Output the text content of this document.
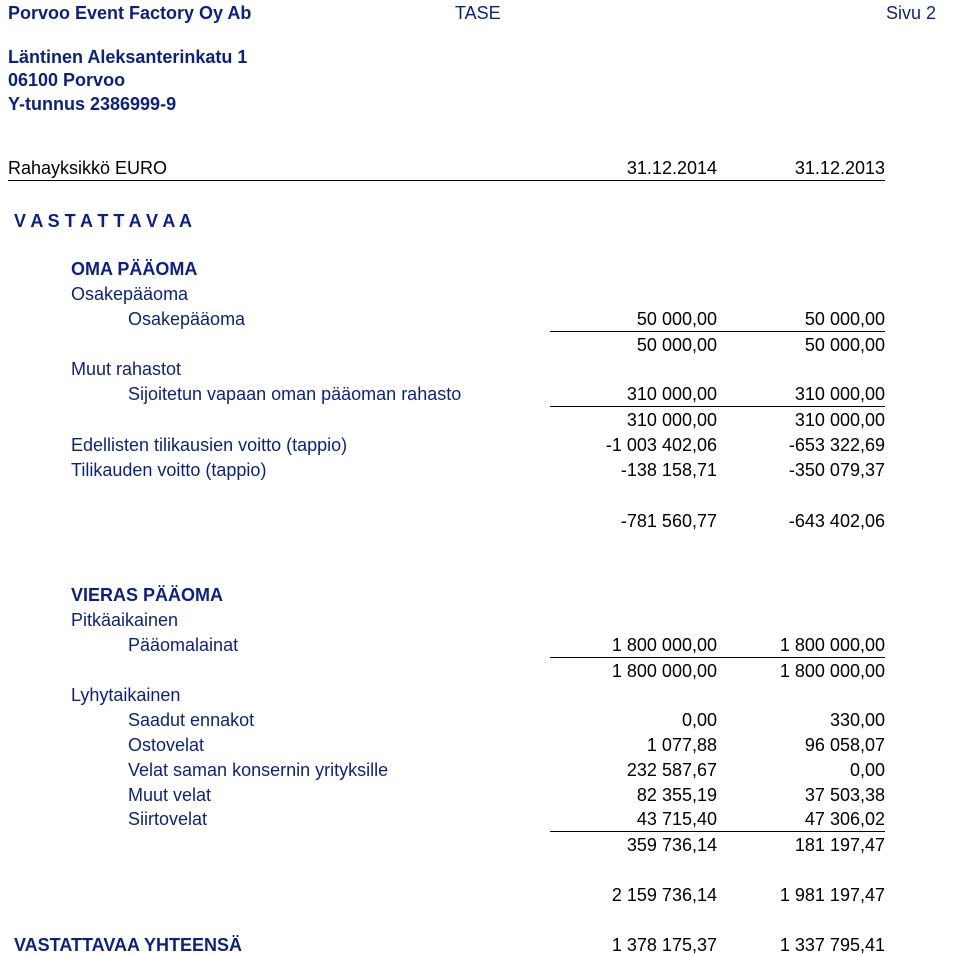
Porvoo Event Factory Oy Ab	TASE	Sivu 2
Läntinen Aleksanterinkatu 1
06100 Porvoo
Y-tunnus 2386999-9
Rahayksikkö EURO	31.12.2014	31.12.2013
V A S T A T T A V A A
OMA PÄÄOMA
Osakepääoma
Osakepääoma	50 000,00	50 000,00
50 000,00	50 000,00
Muut rahastot
Sijoitetun vapaan oman pääoman rahasto	310 000,00	310 000,00
310 000,00	310 000,00
Edellisten tilikausien voitto (tappio)	-1 003 402,06	-653 322,69
Tilikauden voitto (tappio)	-138 158,71	-350 079,37
-781 560,77	-643 402,06
VIERAS PÄÄOMA
Pitkäaikainen
Pääomalainat	1 800 000,00	1 800 000,00
1 800 000,00	1 800 000,00
Lyhytaikainen
Saadut ennakot	0,00	330,00
Ostovelat	1 077,88	96 058,07
Velat saman konsernin yrityksille	232 587,67	0,00
Muut velat	82 355,19	37 503,38
Siirtovelat	43 715,40	47 306,02
359 736,14	181 197,47
2 159 736,14	1 981 197,47
VASTATTAVAA YHTEENSÄ	1 378 175,37	1 337 795,41
